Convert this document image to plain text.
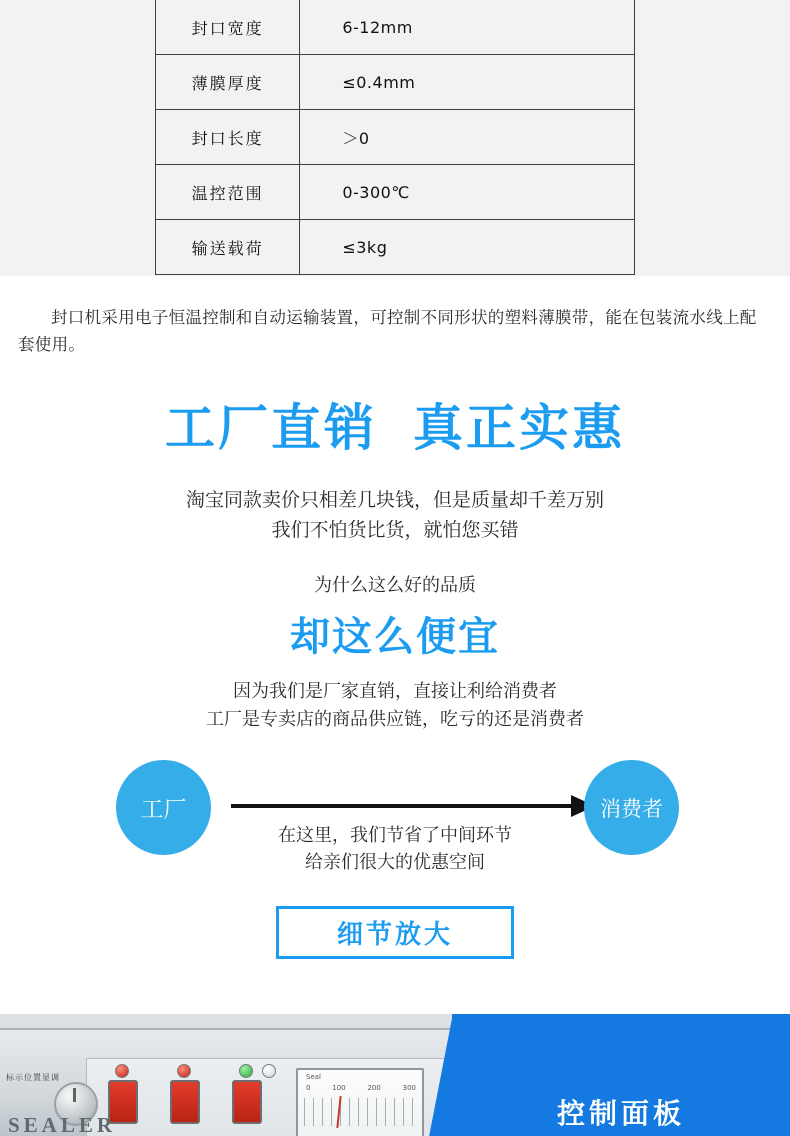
封口宽度	6-12mm
薄膜厚度	≤0.4mm
封口长度	＞0
温控范围	0-300℃
输送载荷	≤3kg

封口机采用电子恒温控制和自动运输装置，可控制不同形状的塑料薄膜带，能在包装流水线上配套使用。

工厂直销 真正实惠
淘宝同款卖价只相差几块钱，但是质量却千差万别
我们不怕货比货，就怕您买错
为什么这么好的品质
却这么便宜
因为我们是厂家直销，直接让利给消费者
工厂是专卖店的商品供应链，吃亏的还是消费者
工厂	消费者
在这里，我们节省了中间环节
给亲们很大的优惠空间
细节放大
标示位置显调	Seal
0	100	200	300
SEALER	控制面板
